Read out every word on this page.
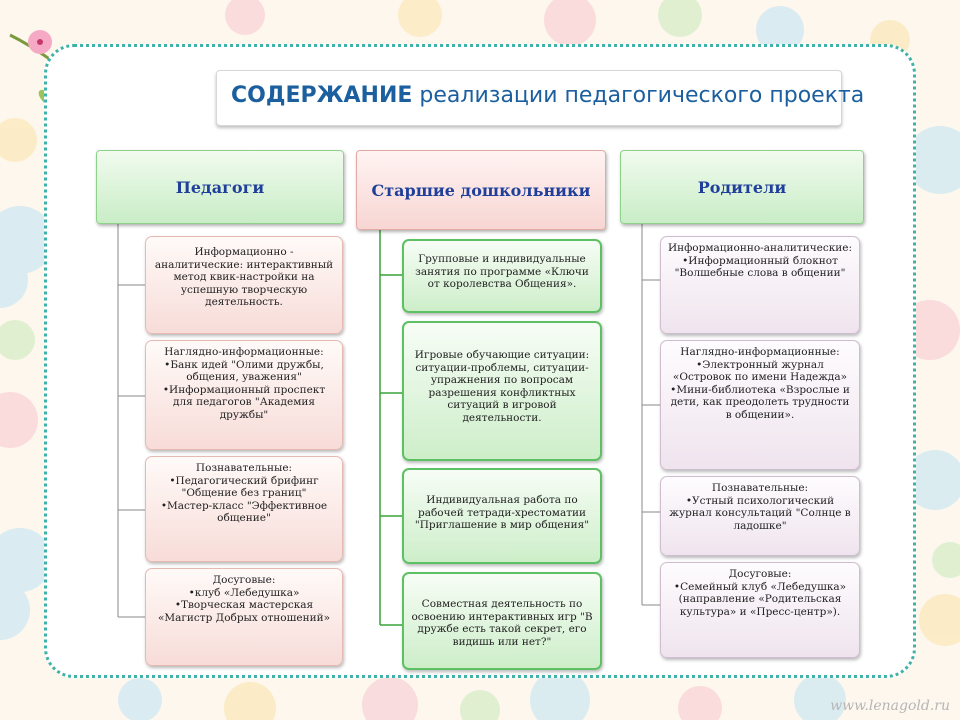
СОДЕРЖАНИЕ реализации педагогического проекта
Педагоги	Старшие дошкольники	Родители
Информационно - аналитические: интерактивный метод квик-настройки на успешную творческую деятельность.
Наглядно-информационные:
•Банк идей "Олими дружбы, общения, уважения"
•Информационный проспект для педагогов "Академия дружбы"
Познавательные:
•Педагогический брифинг "Общение без границ"
•Мастер-класс "Эффективное общение"
Досуговые:
•клуб «Лебедушка»
•Творческая мастерская «Магистр Добрых отношений»
Групповые и индивидуальные занятия по программе «Ключи от королевства Общения».
Игровые обучающие ситуации: ситуации-проблемы, ситуации-упражнения по вопросам разрешения конфликтных ситуаций в игровой деятельности.
Индивидуальная работа по рабочей тетради-хрестоматии "Приглашение в мир общения"
Совместная деятельность по освоению интерактивных игр "В дружбе есть такой секрет, его видишь или нет?"
Информационно-аналитические:
•Информационный блокнот "Волшебные слова в общении"
Наглядно-информационные:
•Электронный журнал «Островок по имени Надежда»
•Мини-библиотека «Взрослые и дети, как преодолеть трудности в общении».
Познавательные:
•Устный психологический журнал консультаций "Солнце в ладошке"
Досуговые:
•Семейный клуб «Лебедушка» (направление «Родительская культура» и «Пресс-центр»).
www.lenagold.ru
